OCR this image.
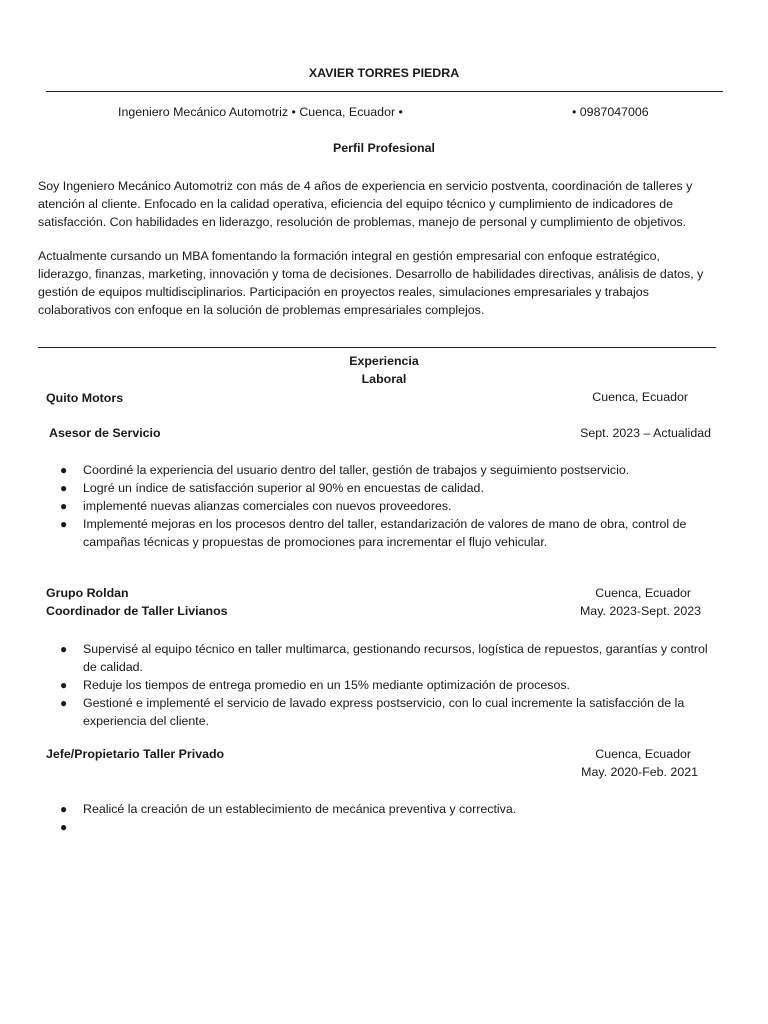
XAVIER TORRES PIEDRA
Ingeniero Mecánico Automotriz • Cuenca, Ecuador •	• 0987047006
Perfil Profesional
Soy Ingeniero Mecánico Automotriz con más de 4 años de experiencia en servicio postventa, coordinación de talleres y
atención al cliente. Enfocado en la calidad operativa, eficiencia del equipo técnico y cumplimiento de indicadores de
satisfacción. Con habilidades en liderazgo, resolución de problemas, manejo de personal y cumplimiento de objetivos.
Actualmente cursando un MBA fomentando la formación integral en gestión empresarial con enfoque estratégico,
liderazgo, finanzas, marketing, innovación y toma de decisiones. Desarrollo de habilidades directivas, análisis de datos, y
gestión de equipos multidisciplinarios. Participación en proyectos reales, simulaciones empresariales y trabajos
colaborativos con enfoque en la solución de problemas empresariales complejos.
Experiencia
Laboral
Quito Motors	Cuenca, Ecuador
Asesor de Servicio	Sept. 2023 – Actualidad
● Coordiné la experiencia del usuario dentro del taller, gestión de trabajos y seguimiento postservicio.
● Logré un índice de satisfacción superior al 90% en encuestas de calidad.
● implementé nuevas alianzas comerciales con nuevos proveedores.
● Implementé mejoras en los procesos dentro del taller, estandarización de valores de mano de obra, control de
campañas técnicas y propuestas de promociones para incrementar el flujo vehicular.
Grupo Roldan	Cuenca, Ecuador
Coordinador de Taller Livianos	May. 2023-Sept. 2023
● Supervisé al equipo técnico en taller multimarca, gestionando recursos, logística de repuestos, garantías y control
de calidad.
● Reduje los tiempos de entrega promedio en un 15% mediante optimización de procesos.
● Gestioné e implementé el servicio de lavado express postservicio, con lo cual incremente la satisfacción de la
experiencia del cliente.
Jefe/Propietario Taller Privado	Cuenca, Ecuador
May. 2020-Feb. 2021
● Realicé la creación de un establecimiento de mecánica preventiva y correctiva.
●
